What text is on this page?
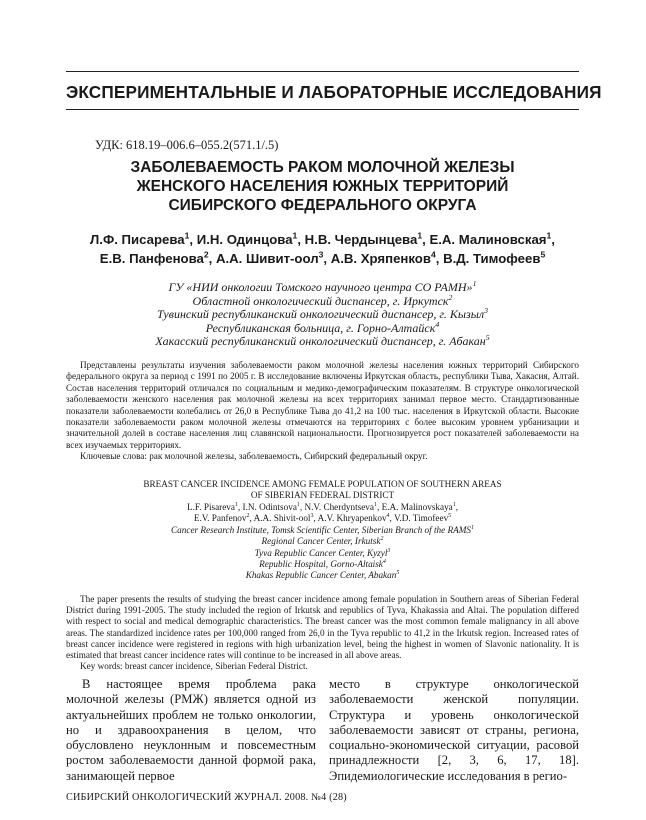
ЭКСПЕРИМЕНТАЛЬНЫЕ И ЛАБОРАТОРНЫЕ ИССЛЕДОВАНИЯ
УДК: 618.19–006.6–055.2(571.1/.5)
ЗАБОЛЕВАЕМОСТЬ РАКОМ МОЛОЧНОЙ ЖЕЛЕЗЫ
ЖЕНСКОГО НАСЕЛЕНИЯ ЮЖНЫХ ТЕРРИТОРИЙ
СИБИРСКОГО ФЕДЕРАЛЬНОГО ОКРУГА
Л.Ф. Писарева$^1$, И.Н. Одинцова$^1$, Н.В. Чердынцева$^1$, Е.А. Малиновская$^1$,
Е.В. Панфенова$^2$, А.А. Шивит-оол$^3$, А.В. Хряпенков$^4$, В.Д. Тимофеев$^5$
ГУ «НИИ онкологии Томского научного центра СО РАМН»$^1$
Областной онкологический диспансер, г. Иркутск$^2$
Тувинский республиканский онкологический диспансер, г. Кызыл$^3$
Республиканская больница, г. Горно-Алтайск$^4$
Хакасский республиканский онкологический диспансер, г. Абакан$^5$
Представлены результаты изучения заболеваемости раком молочной железы населения южных территорий Сибирского федерального округа за период с 1991 по 2005 г. В исследование включены Иркутская область, республики Тыва, Хакасия, Алтай. Состав населения территорий отличался по социальным и медико-демографическим показателям. В структуре онкологической заболеваемости женского населения рак молочной железы на всех территориях занимал первое место. Стандартизованные показатели заболеваемости колебались от 26,0 в Республике Тыва до 41,2 на 100 тыс. населения в Иркутской области. Высокие показатели заболеваемости раком молочной железы отмечаются на территориях с более высоким уровнем урбанизации и значительной долей в составе населения лиц славянской национальности. Прогнозируется рост показателей заболеваемости на всех изучаемых территориях.
Ключевые слова: рак молочной железы, заболеваемость, Сибирский федеральный округ.
BREAST CANCER INCIDENCE AMONG FEMALE POPULATION OF SOUTHERN AREAS
OF SIBERIAN FEDERAL DISTRICT
L.F. Pisareva$^1$, I.N. Odintsova$^1$, N.V. Cherdyntseva$^1$, E.A. Malinovskaya$^1$,
E.V. Panfenov$^2$, A.A. Shivit-ool$^3$, A.V. Khryapenkov$^4$, V.D. Timofeev$^5$
Cancer Research Institute, Tomsk Scientific Center, Siberian Branch of the RAMS$^1$
Regional Cancer Center, Irkutsk$^2$
Tyva Republic Cancer Center, Kyzyl$^3$
Republic Hospital, Gorno-Altaisk$^4$
Khakas Republic Cancer Center, Abakan$^5$
The paper presents the results of studying the breast cancer incidence among female population in Southern areas of Siberian Federal District during 1991-2005. The study included the region of Irkutsk and republics of Tyva, Khakassia and Altai. The population differed with respect to social and medical demographic characteristics. The breast cancer was the most common female malignancy in all above areas. The standardized incidence rates per 100,000 ranged from 26,0 in the Tyva republic to 41,2 in the Irkutsk region. Increased rates of breast cancer incidence were registered in regions with high urbanization level, being the highest in women of Slavonic nationality. It is estimated that breast cancer incidence rates will continue to be increased in all above areas.
Key words: breast cancer incidence, Siberian Federal District.
В настоящее время проблема рака молочной железы (РМЖ) является одной из актуальнейших проблем не только онкологии, но и здравоохранения в целом, что обусловлено неуклонным и повсеместным ростом заболеваемости данной формой рака, занимающей первое
место в структуре онкологической заболеваемости женской популяции. Структура и уровень онкологической заболеваемости зависят от страны, региона, социально-экономической ситуации, расовой принадлежности [2, 3, 6, 17, 18]. Эпидемиологические исследования в регио-
СИБИРСКИЙ ОНКОЛОГИЧЕСКИЙ ЖУРНАЛ. 2008. №4 (28)
